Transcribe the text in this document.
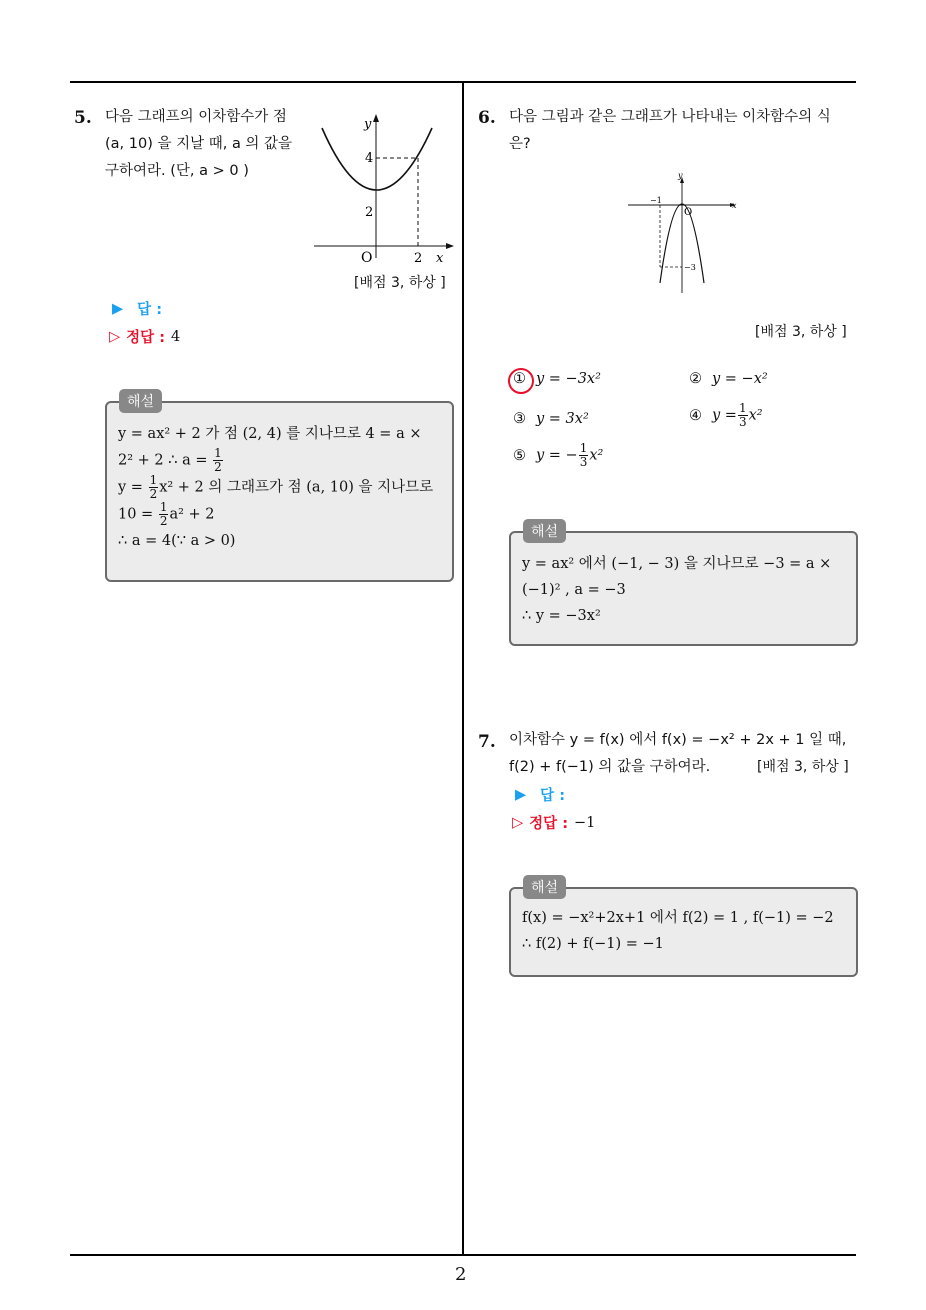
2
5. 다음 그래프의 이차함수가 점
(a, 10) 을 지날 때, a 의 값을
구하여라. (단, a > 0 )
y
4
2
O	2 x
[배점 3, 하상 ]
▶ 답 :
▷ 정답 : 4
해설
y = ax² + 2 가 점 (2, 4) 를 지나므로 4 = a ×
2² + 2 ∴ $a = \frac{1}{2}$
$y = \frac{1}{2} x^2 + 2$ 의 그래프가 점 (a, 10) 을 지나므로
$10 = \frac{1}{2} a^2 + 2$
∴ a = 4(∵ a > 0)
6. 다음 그림과 같은 그래프가 나타내는 이차함수의 식
은?
y
x
O
−1
−3
[배점 3, 하상 ]
① y = −3x²	② y = −x²
③ y = 3x²	④ $y = \frac{1}{3} x^2$
⑤ y = − $\frac{1}{3} x^2$
해설
y = ax² 에서 (−1, − 3) 을 지나므로 −3 = a ×
(−1)² , a = −3
∴ y = −3x²
7. 이차함수 y = f(x) 에서 f(x) = −x² + 2x + 1 일 때,
f(2) + f(−1) 의 값을 구하여라.	[배점 3, 하상 ]
▶ 답 :
▷ 정답 : −1
해설
f(x) = −x²+2x+1 에서 f(2) = 1 , f(−1) = −2
∴ f(2) + f(−1) = −1
